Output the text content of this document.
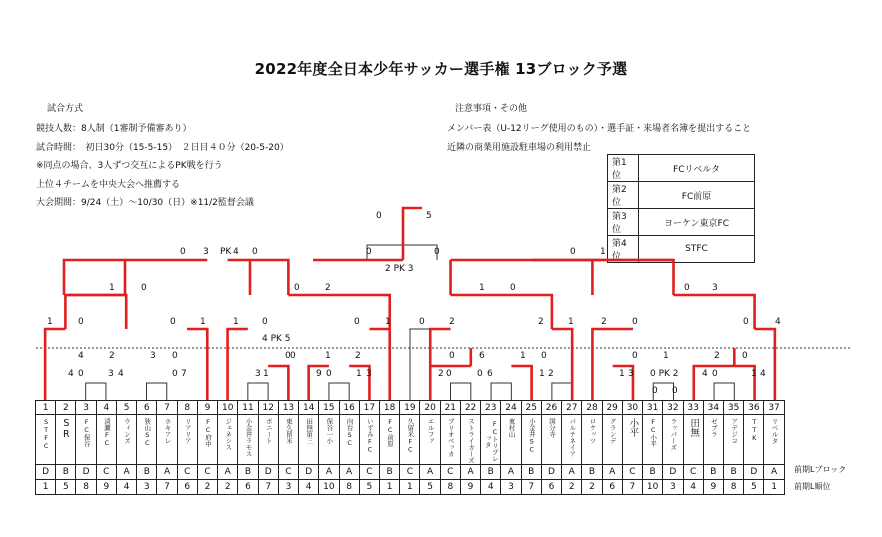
2022年度全日本少年サッカー選手権 13ブロック予選
試合方式
競技人数：8人制（1審制予備審あり）
試合時間：　初日30分（15-5-15）　２日目４０分（20-5-20）
※同点の場合、3人ずつ交互によるPK戦を行う
上位４チームを中央大会へ推薦する
大会期間：9/24（土）～10/30（日）※11/2監督会議
注意事項・その他
メンバー表（U-12リーグ使用のもの）・選手証・来場者名簿を提出すること
近隣の商業用施設駐車場の利用禁止
第1位	FCリベルタ
第2位	FC前原
第3位	ヨーケン東京FC
第4位	STFC
0	5
0 3 PK 4 0	0	1
0	0
2 PK 3
1	0	0	2	1	0	0 3
1	0	0	1	1	0	0	1	0	2	2	1	2	0	0	4
4 PK 5
4	2	3 0	0 0	1	2	0	6	1 0	0	1	2 0
0 PK 2
0 0
4 0	3 4	0 7	3 1	9 0	1 3	2 0	0 6	1 2	1 3	4 0	1 4
1	2	3	4	5	6	7	8	9	10	11	12	13	14	15	16	17	18	19	20	21	22	23	24	25	26	27	28	29	30	31	32	33	34	35	36	37

STFC	SR	FC保谷	清瀬FC	ウィンズ	狭山SC	ホキアレ	リアリア	FC府中	ジェネシス	小金井ラモス	ボニート	東久留米	田無第三	保谷一小	向台SC	いずみFC	FC前原	久留米FC	エルファ	ブリオベッカ	ストライカーズ	FCトリプレッタ	東村山	小金井SC	国分寺	パルテネイア	ロケッツ	グランデ	小平	FC小平	ラッパーズ	田無	ゼブラ	アデジコ	TTK	リベルタ

D	B	D	C	A	B	A	C	C	A	B	D	C	D	A	A	C	B	C	A	C	A	B	A	B	D	A	B	A	C	B	D	C	B	B	D	A
1	5	8	9	4	3	7	6	2	2	6	7	3	4	10	8	5	1	1	5	8	9	4	3	7	6	2	2	6	7	10	3	4	9	8	5	1
前期Lブロック
前期L順位
